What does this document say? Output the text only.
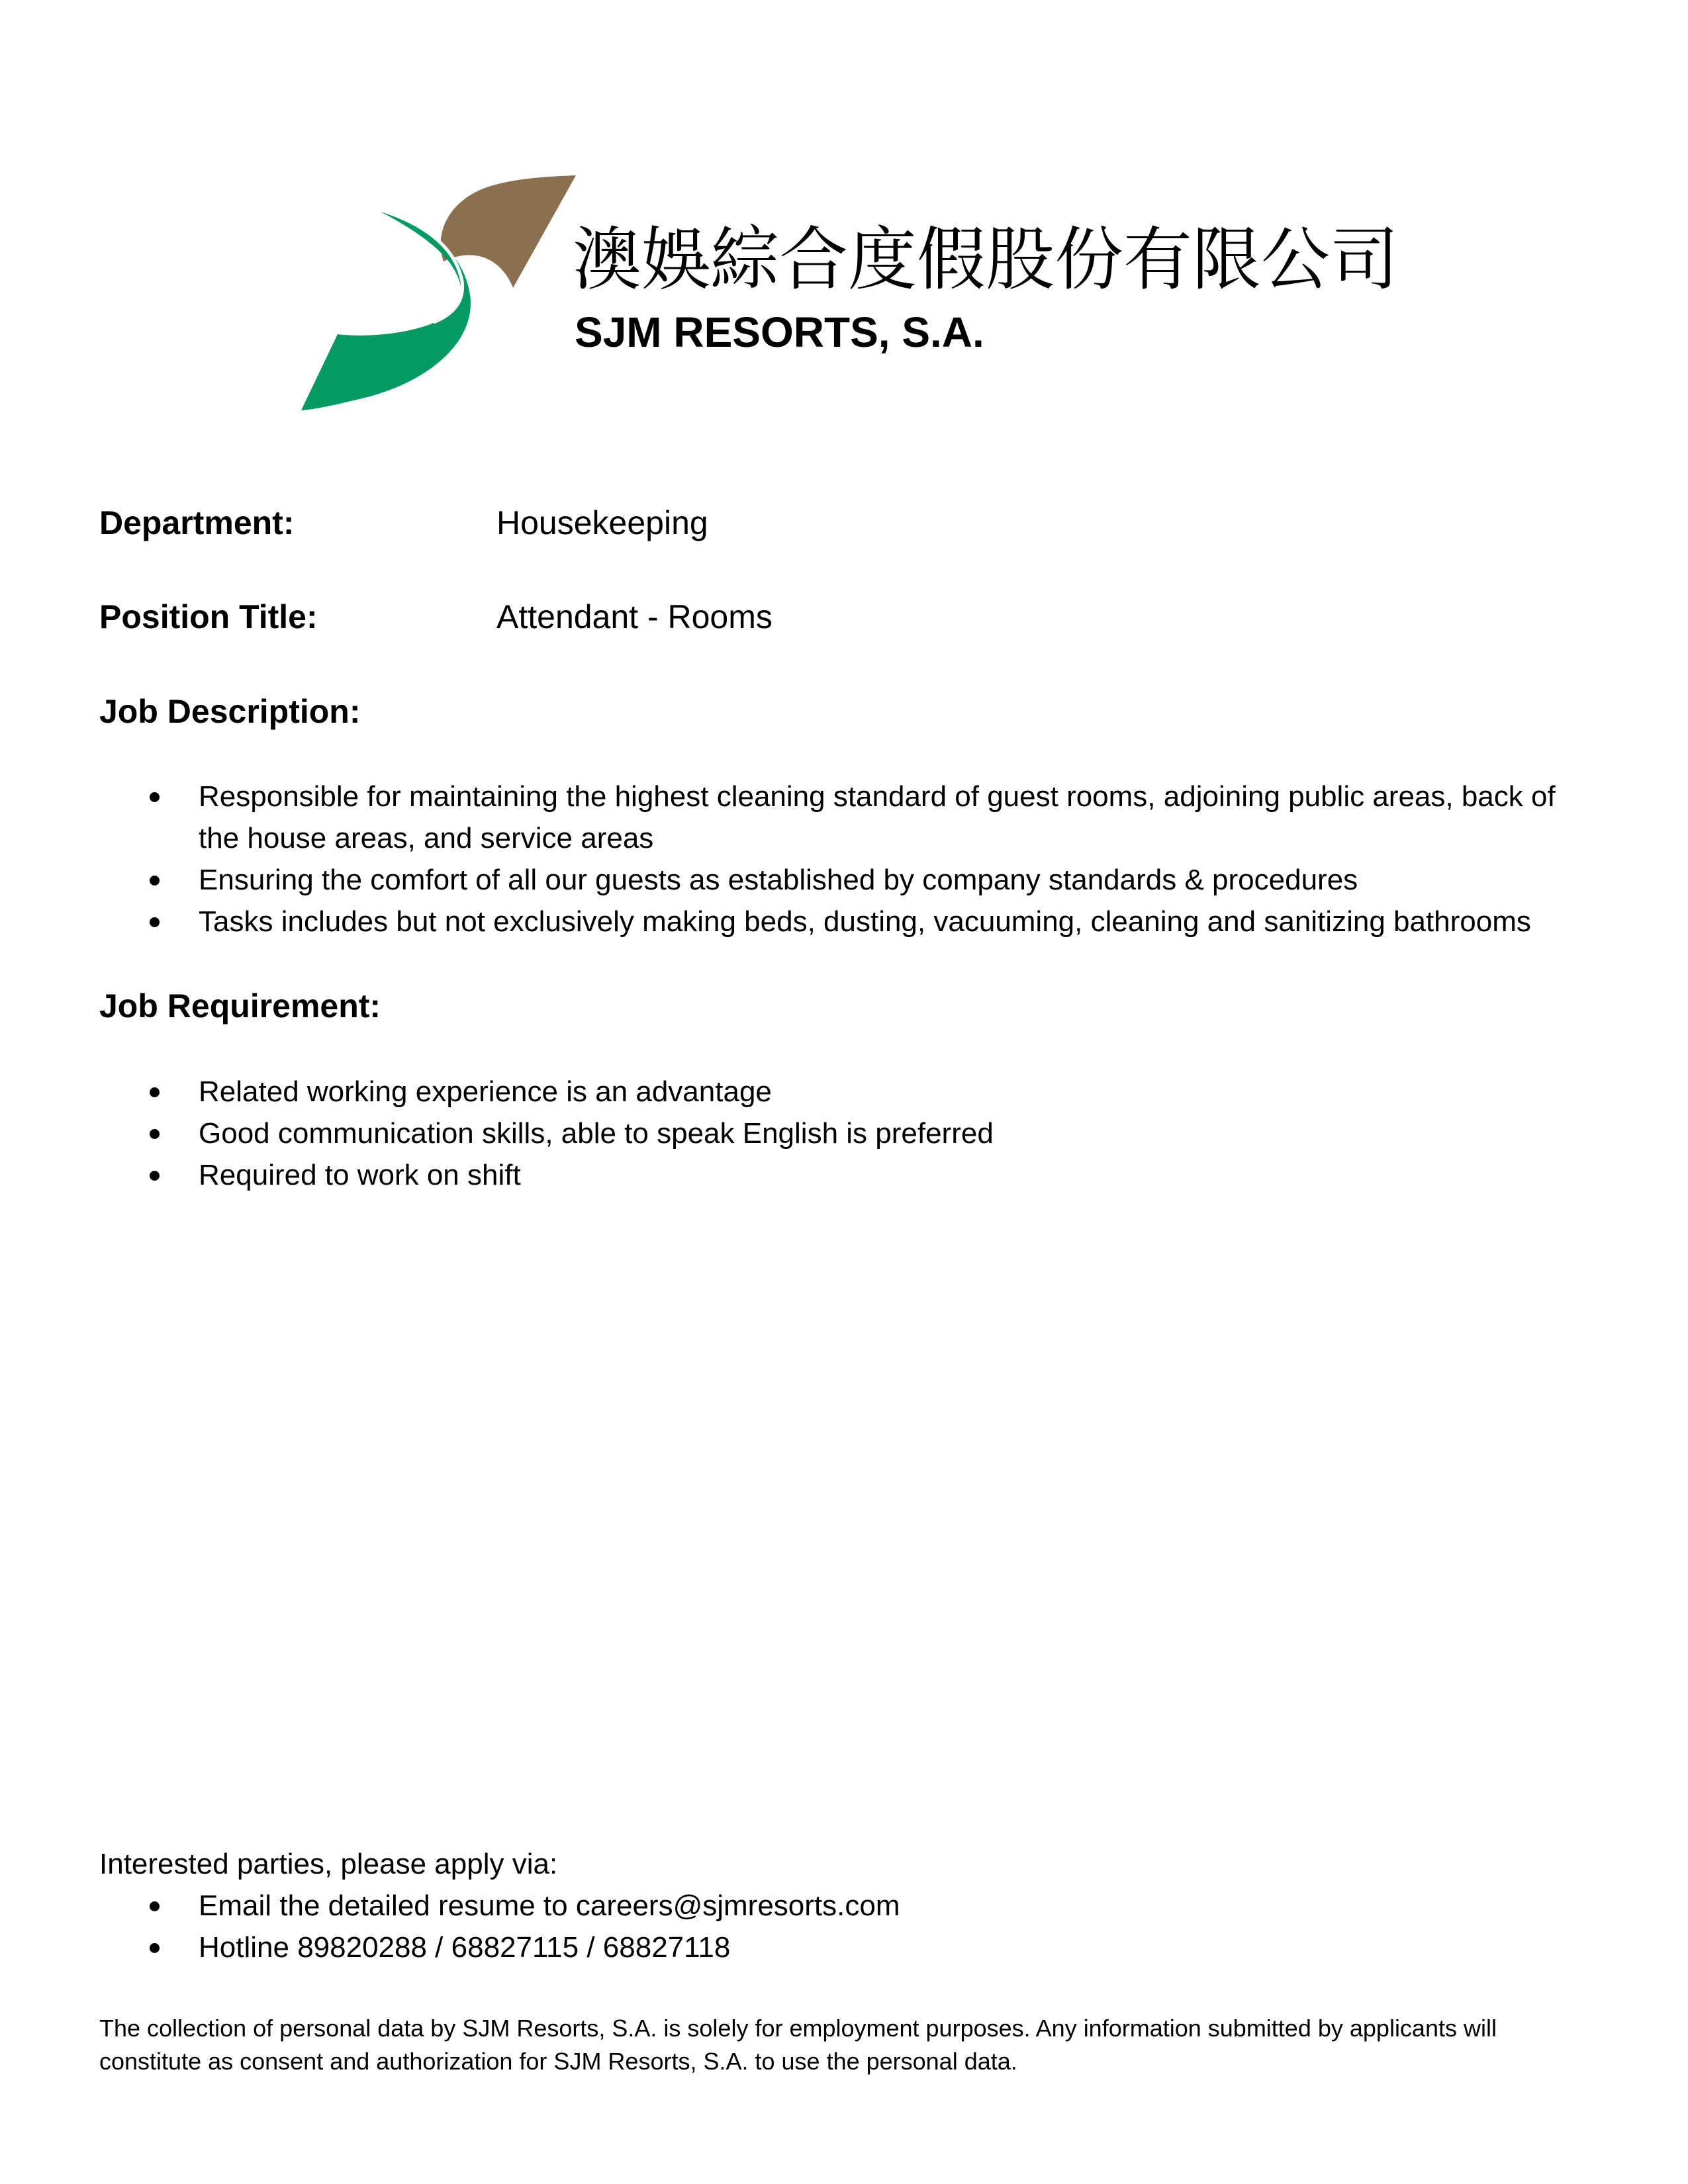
澳娛綜合度假股份有限公司
SJM RESORTS, S.A.
Department:	Housekeeping
Position Title:	Attendant - Rooms
Job Description:
Responsible for maintaining the highest cleaning standard of guest rooms, adjoining public areas, back of the house areas, and service areas
Ensuring the comfort of all our guests as established by company standards & procedures
Tasks includes but not exclusively making beds, dusting, vacuuming, cleaning and sanitizing bathrooms
Job Requirement:
Related working experience is an advantage
Good communication skills, able to speak English is preferred
Required to work on shift
Interested parties, please apply via:
Email the detailed resume to careers@sjmresorts.com
Hotline 89820288 / 68827115 / 68827118
The collection of personal data by SJM Resorts, S.A. is solely for employment purposes. Any information submitted by applicants will constitute as consent and authorization for SJM Resorts, S.A. to use the personal data.
